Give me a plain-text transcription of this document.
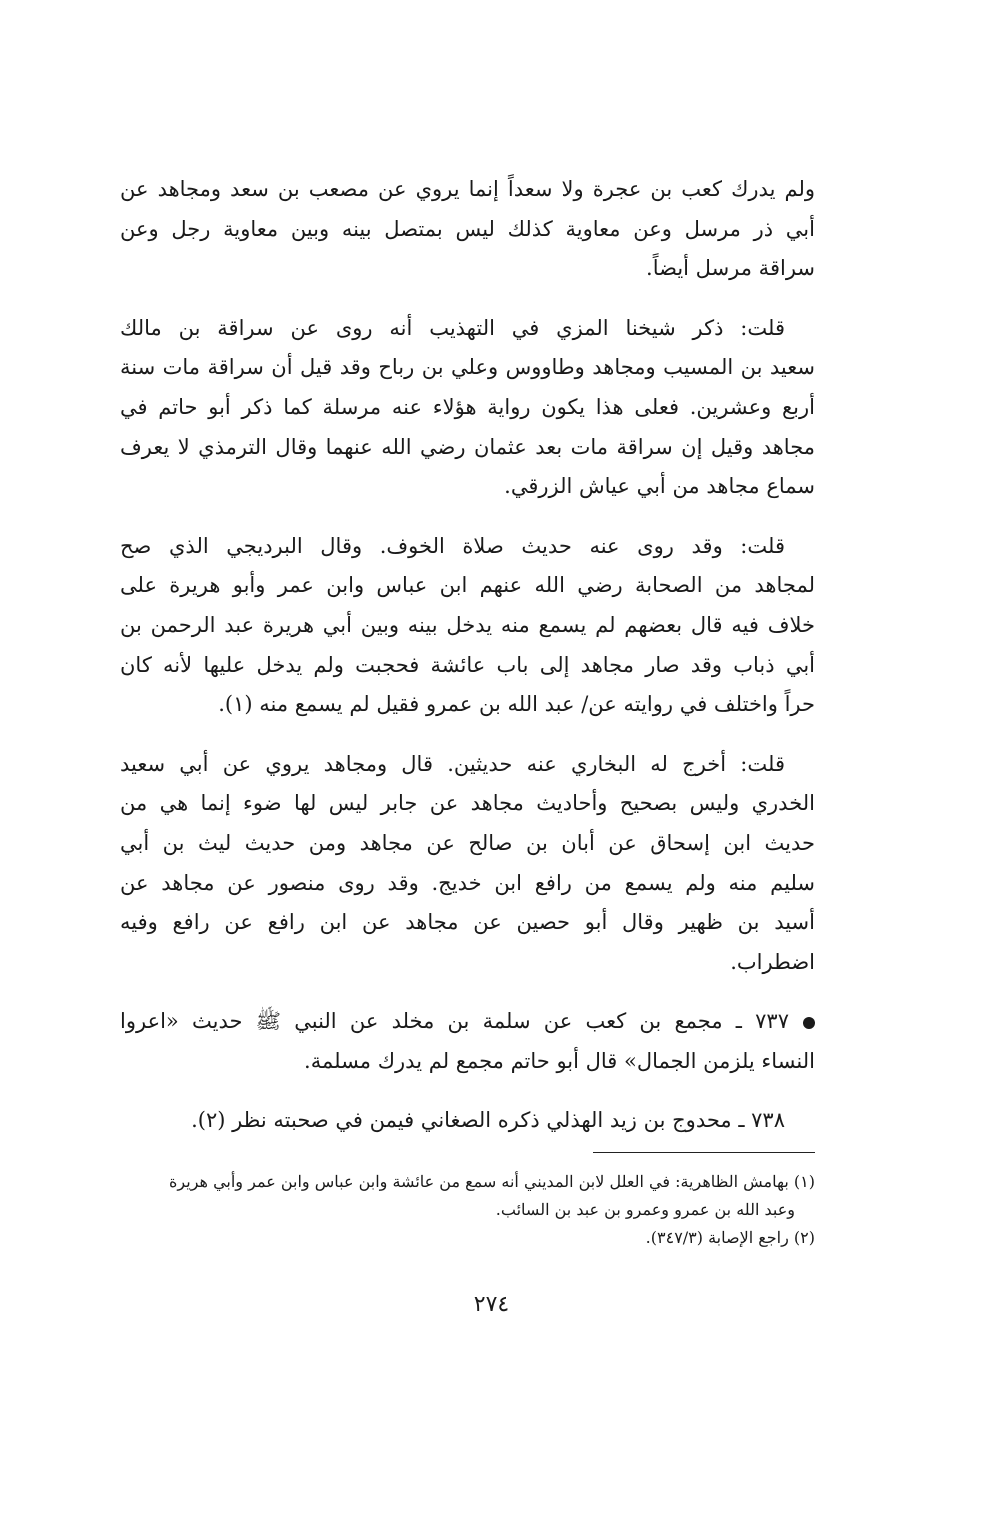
ولم يدرك كعب بن عجرة ولا سعداً إنما يروي عن مصعب بن سعد ومجاهد عن
أبي ذر مرسل وعن معاوية كذلك ليس بمتصل بينه وبين معاوية رجل وعن
سراقة مرسل أيضاً.

قلت: ذكر شيخنا المزي في التهذيب أنه روى عن سراقة بن مالك
سعيد بن المسيب ومجاهد وطاووس وعلي بن رباح وقد قيل أن سراقة مات سنة
أربع وعشرين. فعلى هذا يكون رواية هؤلاء عنه مرسلة كما ذكر أبو حاتم في
مجاهد وقيل إن سراقة مات بعد عثمان رضي الله عنهما وقال الترمذي لا يعرف
سماع مجاهد من أبي عياش الزرقي.

قلت: وقد روى عنه حديث صلاة الخوف. وقال البرديجي الذي صح
لمجاهد من الصحابة رضي الله عنهم ابن عباس وابن عمر وأبو هريرة على
خلاف فيه قال بعضهم لم يسمع منه يدخل بينه وبين أبي هريرة عبد الرحمن بن
أبي ذباب وقد صار مجاهد إلى باب عائشة فحجبت ولم يدخل عليها لأنه كان
حراً واختلف في روايته عن/ عبد الله بن عمرو فقيل لم يسمع منه (١).

قلت: أخرج له البخاري عنه حديثين. قال ومجاهد يروي عن أبي سعيد
الخدري وليس بصحيح وأحاديث مجاهد عن جابر ليس لها ضوء إنما هي من
حديث ابن إسحاق عن أبان بن صالح عن مجاهد ومن حديث ليث بن أبي
سليم منه ولم يسمع من رافع ابن خديج. وقد روى منصور عن مجاهد عن
أسيد بن ظهير وقال أبو حصين عن مجاهد عن ابن رافع عن رافع وفيه
اضطراب.

٧٣٧ ـ مجمع بن كعب عن سلمة بن مخلد عن النبي ﷺ حديث «اعروا
النساء يلزمن الجمال» قال أبو حاتم مجمع لم يدرك مسلمة.
٧٣٨ ـ محدوج بن زيد الهذلي ذكره الصغاني فيمن في صحبته نظر (٢).
(١) بهامش الظاهرية: في العلل لابن المديني أنه سمع من عائشة وابن عباس وابن عمر وأبي هريرة
وعبد الله بن عمرو وعمرو بن عبد بن السائب.
(٢) راجع الإصابة (٣٤٧/٣).
٢٧٤
